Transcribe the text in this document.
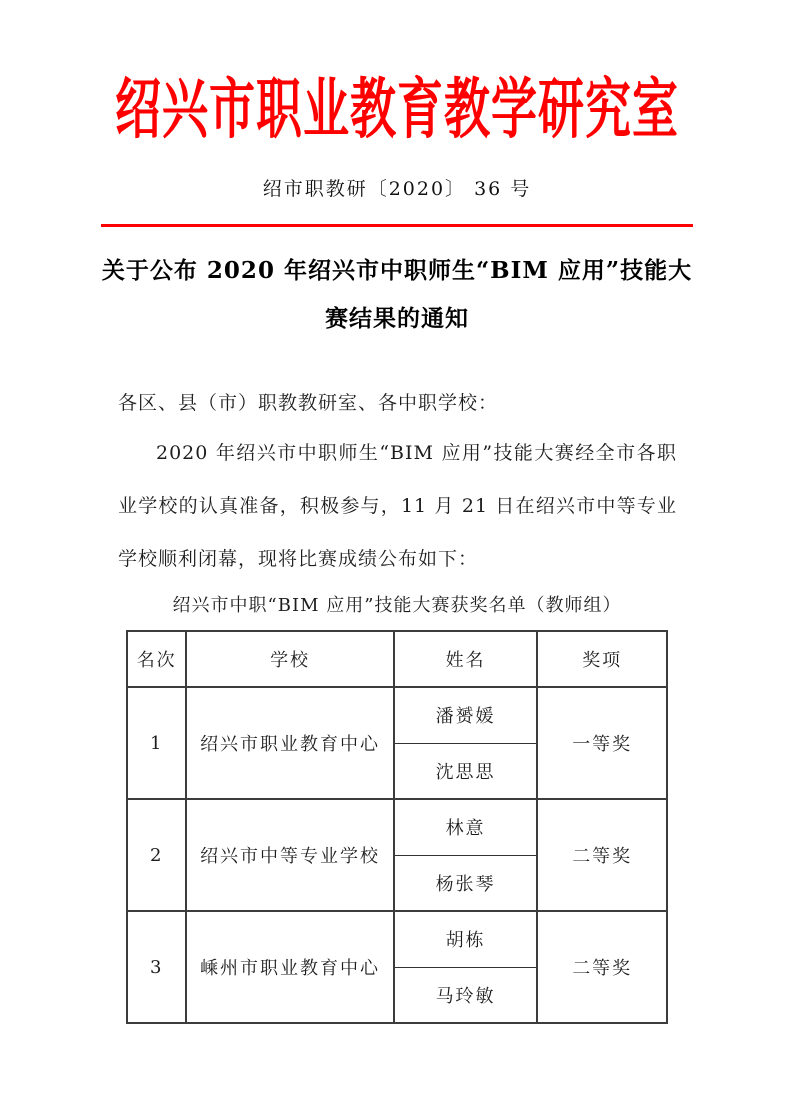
绍兴市职业教育教学研究室
绍市职教研〔2020〕 36 号
关于公布 2020 年绍兴市中职师生“BIM 应用”技能大
赛结果的通知

各区、县（市）职教教研室、各中职学校：

2020 年绍兴市中职师生“BIM 应用”技能大赛经全市各职业学校的认真准备，积极参与，11 月 21 日在绍兴市中等专业学校顺利闭幕，现将比赛成绩公布如下：

绍兴市中职“BIM 应用”技能大赛获奖名单（教师组）
名次	学校	姓名	奖项
1	绍兴市职业教育中心	潘赟媛	一等奖
		沈思思	
2	绍兴市中等专业学校	林意	二等奖
		杨张琴	
3	嵊州市职业教育中心	胡栋	二等奖
		马玲敏	
